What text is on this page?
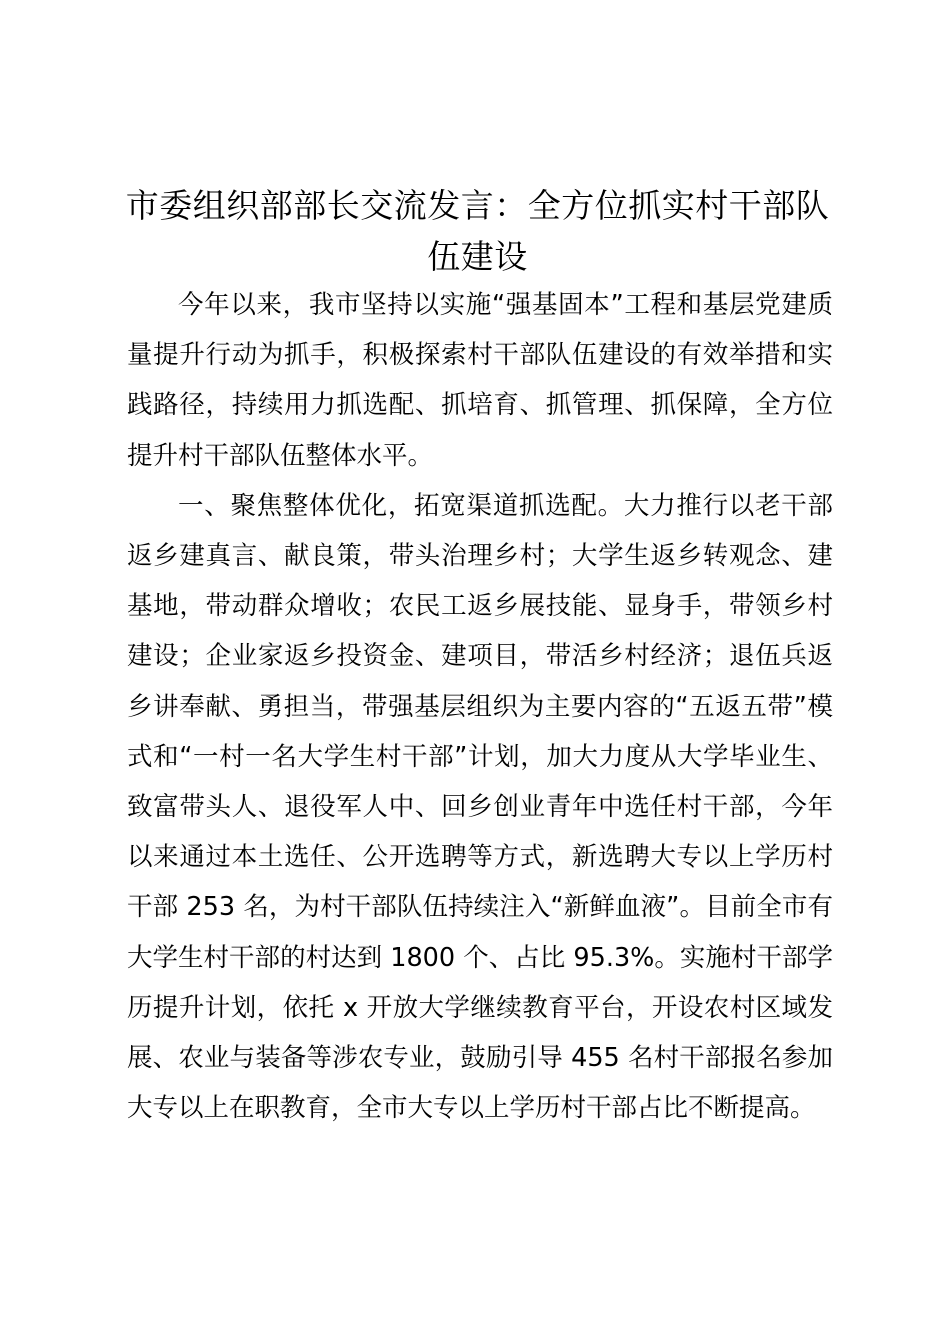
市委组织部部长交流发言：全方位抓实村干部队伍建设

今年以来，我市坚持以实施“强基固本”工程和基层党建质量提升行动为抓手，积极探索村干部队伍建设的有效举措和实践路径，持续用力抓选配、抓培育、抓管理、抓保障，全方位提升村干部队伍整体水平。

一、聚焦整体优化，拓宽渠道抓选配。大力推行以老干部返乡建真言、献良策，带头治理乡村；大学生返乡转观念、建基地，带动群众增收；农民工返乡展技能、显身手，带领乡村建设；企业家返乡投资金、建项目，带活乡村经济；退伍兵返乡讲奉献、勇担当，带强基层组织为主要内容的“五返五带”模式和“一村一名大学生村干部”计划，加大力度从大学毕业生、致富带头人、退役军人中、回乡创业青年中选任村干部，今年以来通过本土选任、公开选聘等方式，新选聘大专以上学历村干部 253 名，为村干部队伍持续注入“新鲜血液”。目前全市有大学生村干部的村达到 1800 个、占比 95.3%。实施村干部学历提升计划，依托 x 开放大学继续教育平台，开设农村区域发展、农业与装备等涉农专业，鼓励引导 455 名村干部报名参加大专以上在职教育，全市大专以上学历村干部占比不断提高。
